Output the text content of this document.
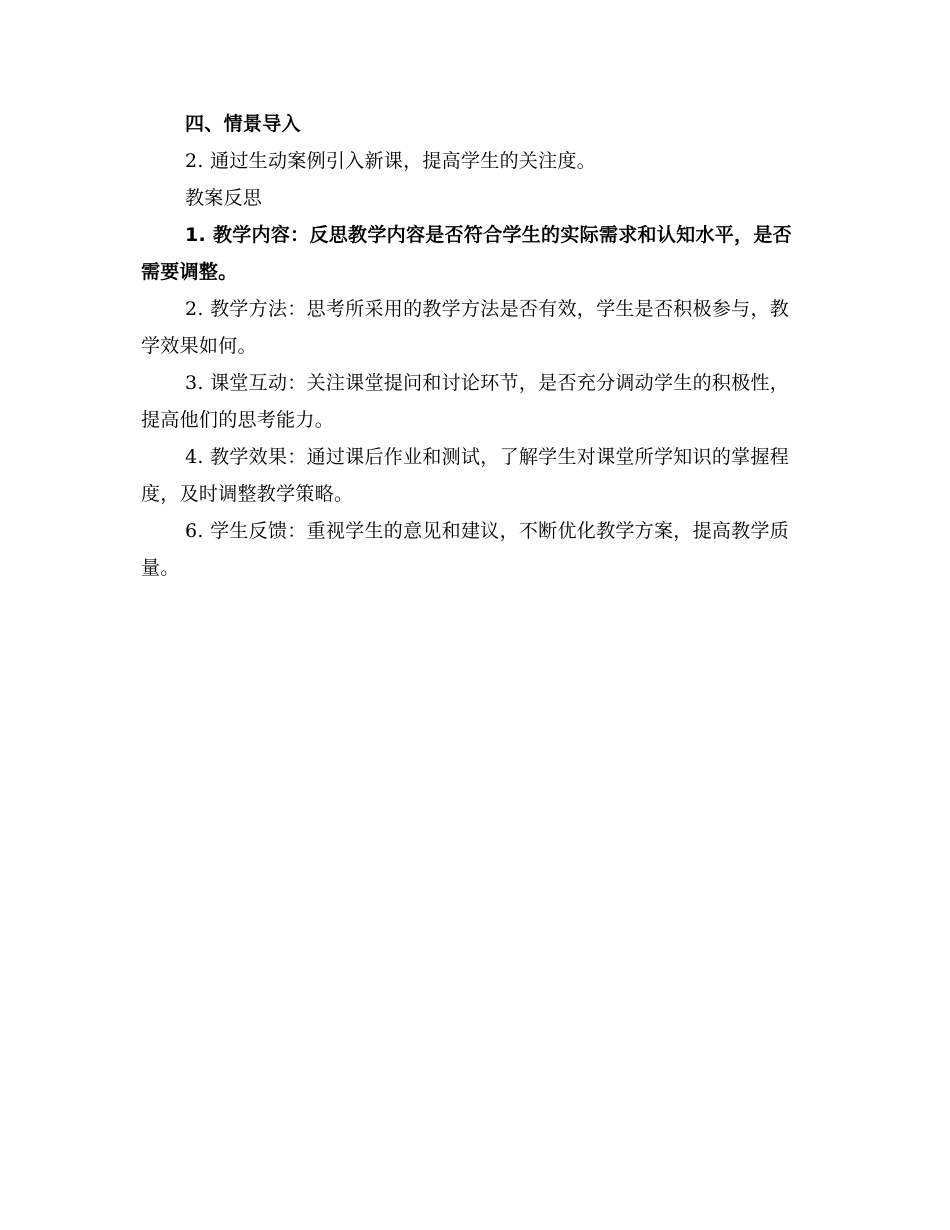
四、情景导入

2. 通过生动案例引入新课，提高学生的关注度。

教案反思

1. 教学内容：反思教学内容是否符合学生的实际需求和认知水平，是否需要调整。

2. 教学方法：思考所采用的教学方法是否有效，学生是否积极参与，教学效果如何。

3. 课堂互动：关注课堂提问和讨论环节，是否充分调动学生的积极性，提高他们的思考能力。

4. 教学效果：通过课后作业和测试，了解学生对课堂所学知识的掌握程度，及时调整教学策略。

6. 学生反馈：重视学生的意见和建议，不断优化教学方案，提高教学质量。
